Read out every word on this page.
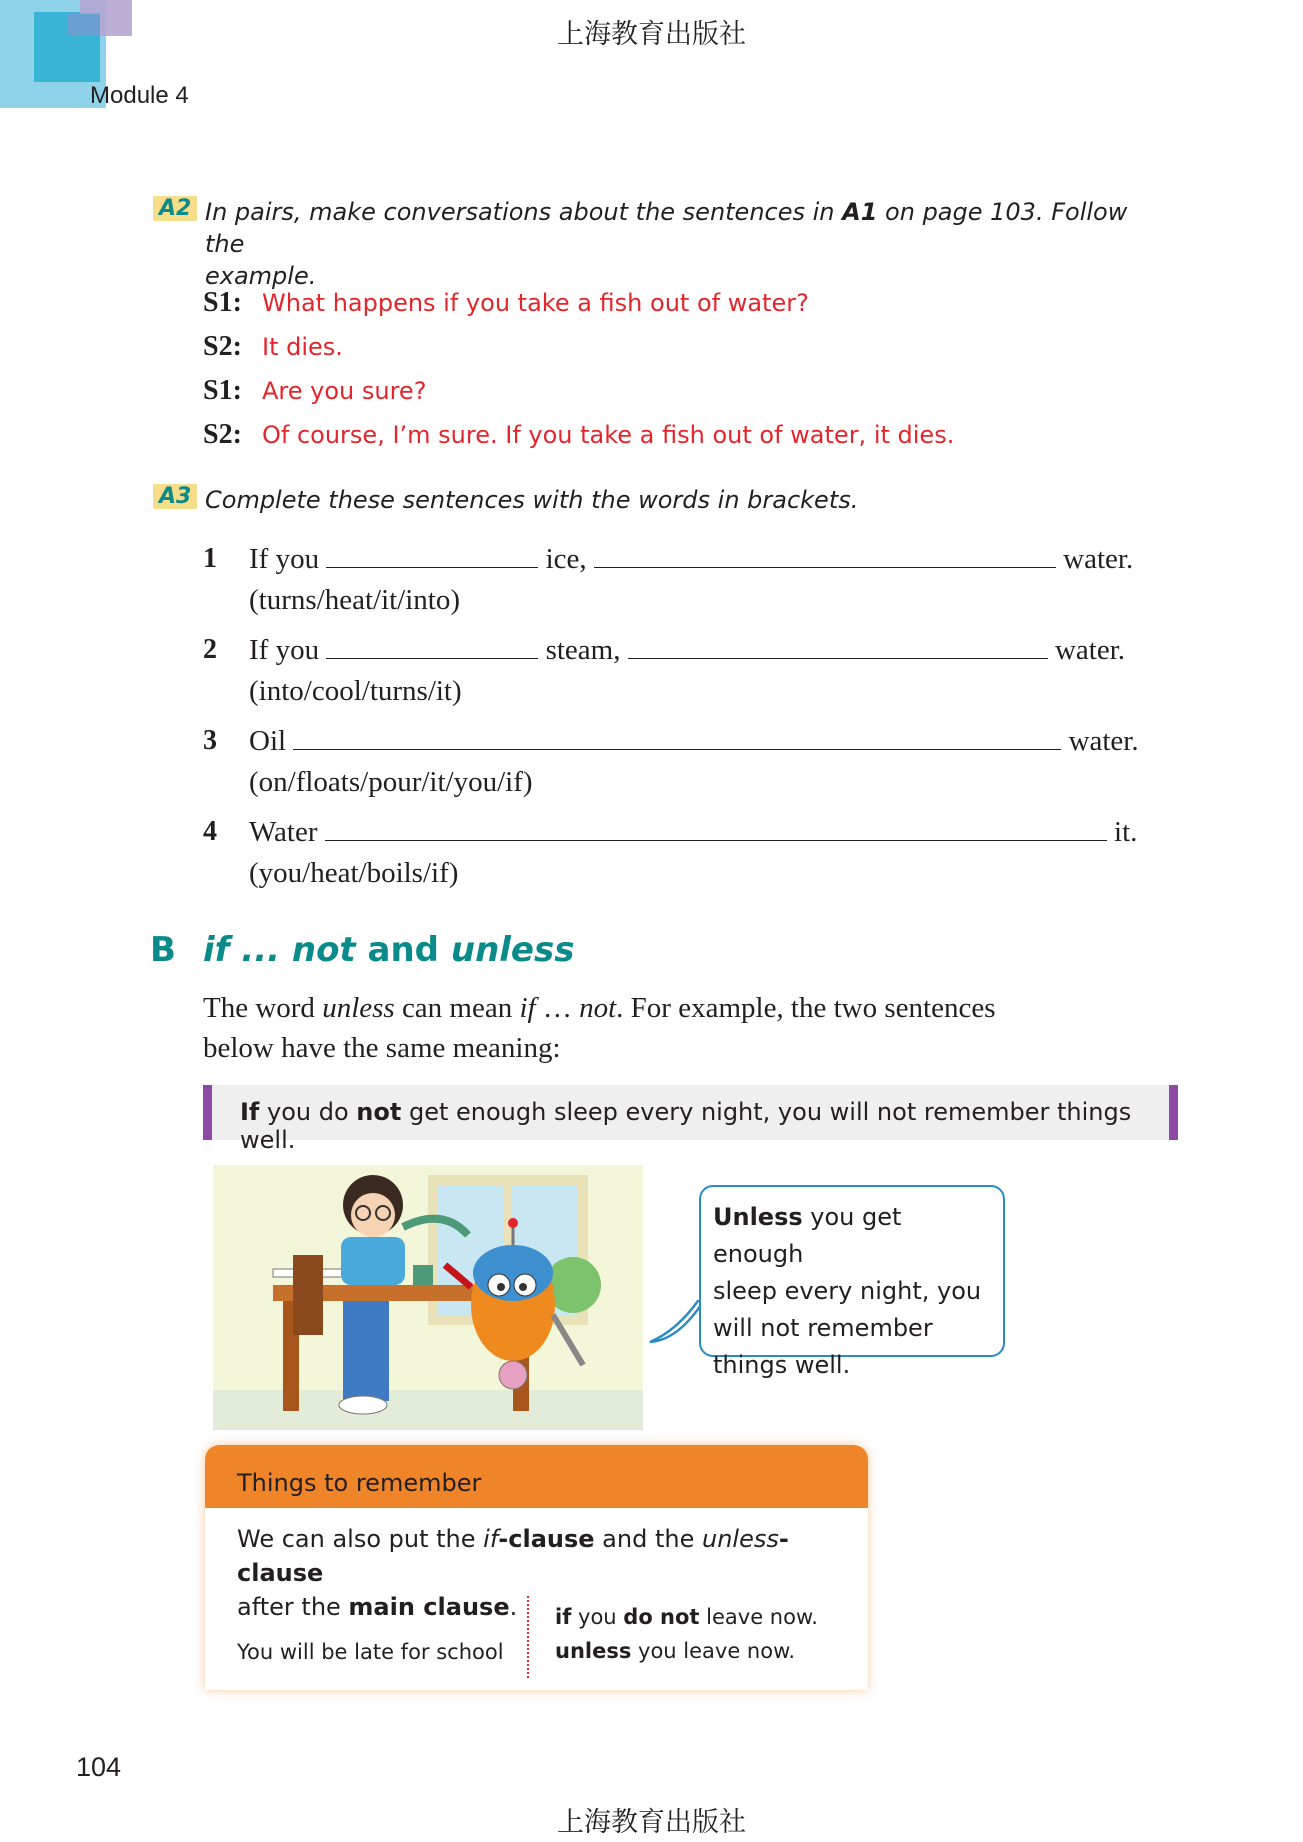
上海教育出版社
Module 4
A2 In pairs, make conversations about the sentences in A1 on page 103. Follow the
example.
S1: What happens if you take a fish out of water?
S2: It dies.
S1: Are you sure?
S2: Of course, I’m sure. If you take a fish out of water, it dies.
A3 Complete these sentences with the words in brackets.
1 If you	ice,	water.
(turns/heat/it/into)
2 If you	steam,	water.
(into/cool/turns/it)
3 Oil	water.
(on/floats/pour/it/you/if)
4 Water	it.
(you/heat/boils/if)
B if ... not and unless
The word unless can mean if … not. For example, the two sentences
below have the same meaning:
If you do not get enough sleep every night, you will not remember things well.

Unless you get enough

sleep every night, you

will not remember

things well.

Things to remember
We can also put the if-clause and the unless-clause
after the main clause.
You will be late for school
if you do not leave now.
unless you leave now.
104
上海教育出版社
